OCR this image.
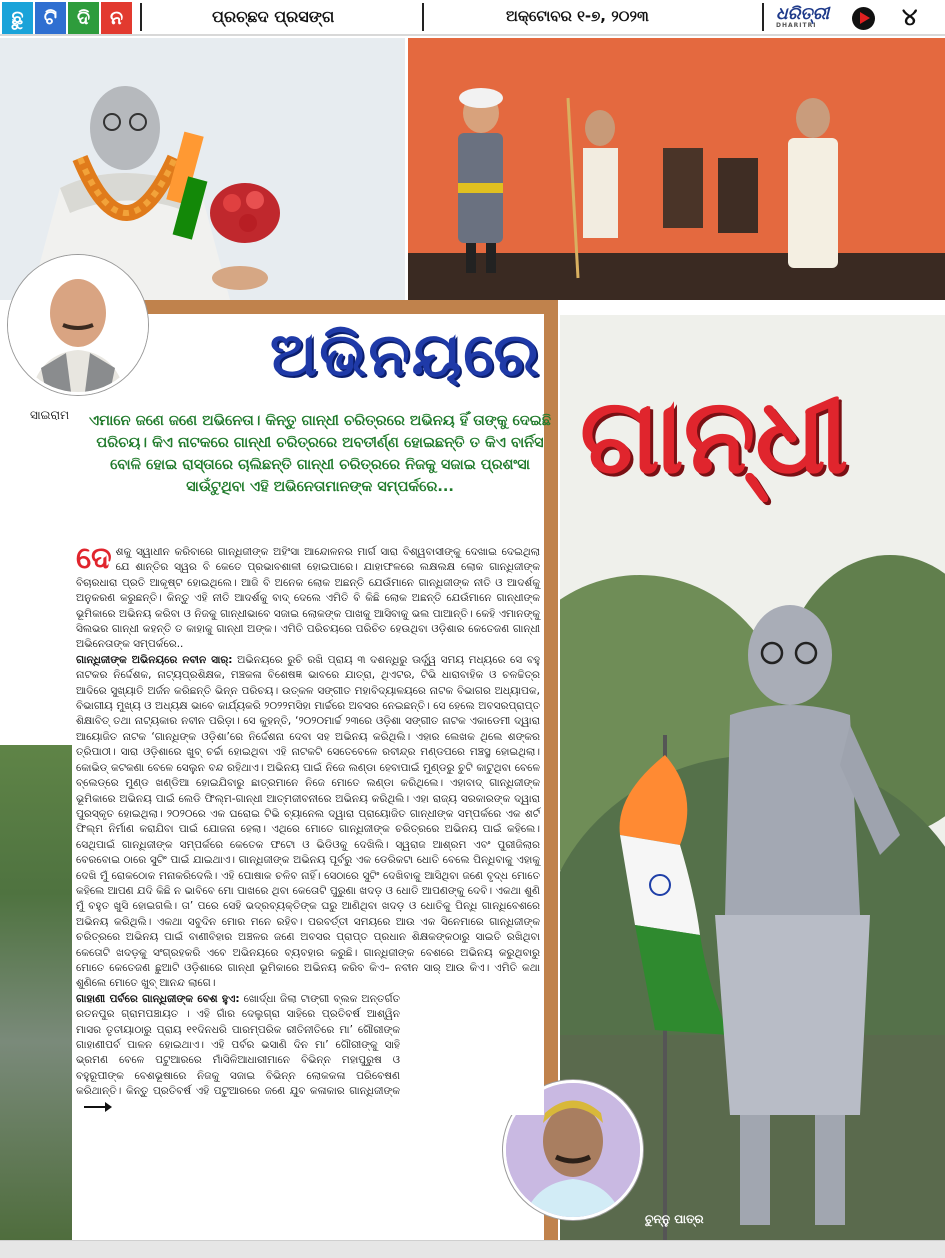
ଛୁ	ଟି	ଦି	ନ	ପ୍ରଚ୍ଛଦ ପ୍ରସଙ୍ଗ	ଅକ୍ଟୋବର ୧-୭, ୨୦୨୩	ଧରିତ୍ରୀ
DHARITRI	୪
ସାଇରାମ
ଚୁନ୍ନୁ ପାତ୍ର
ଅଭିନୟରେ
ଗାନ୍ଧୀ
ଏମାନେ ଜଣେ ଜଣେ ଅଭିନେତା। କିନ୍ତୁ ଗାନ୍ଧୀ ଚରିତ୍ରରେ ଅଭିନୟ ହିଁ ତାଙ୍କୁ ଦେଇଛି ପରିଚୟ। କିଏ ନାଟକରେ ଗାନ୍ଧୀ ଚରିତ୍ରରେ ଅବତୀର୍ଣ୍ଣ ହୋଇଛନ୍ତି ତ କିଏ ବାର୍ନିସ ବୋଳି ହୋଇ ରାସ୍ତାରେ ଚାଲିଛନ୍ତି ଗାନ୍ଧୀ ଚରିତ୍ରରେ ନିଜକୁ ସଜାଇ ପ୍ରଶଂସା ସାଉଁଟୁଥିବା ଏହି ଅଭିନେତାମାନଙ୍କ ସମ୍ପର୍କରେ...

ଦେ ଶକୁ ସ୍ୱାଧୀନ କରିବାରେ ଗାନ୍ଧିଜୀଙ୍କ ଅହିଂସା ଆନ୍ଦୋଳନର ମାର୍ଗ ସାରା ବିଶ୍ୱବାସୀଙ୍କୁ ଦେଖାଇ ଦେଇଥିଲା ଯେ ଶାନ୍ତିର ସ୍ୱର ବି କେତେ ପ୍ରଭାବଶାଳୀ ହୋଇପାରେ। ଯାହାଫଳରେ ଲକ୍ଷଲକ୍ଷ ଲୋକ ଗାନ୍ଧିଜୀଙ୍କ ବିଚାରଧାରା ପ୍ରତି ଆକୃଷ୍ଟ ହୋଇଥିଲେ। ଆଜି ବି ଅନେକ ଲୋକ ଅଛନ୍ତି ଯେଉଁମାନେ ଗାନ୍ଧିଜୀଙ୍କ ନୀତି ଓ ଆଦର୍ଶକୁ ଅନୁକରଣ କରୁଛନ୍ତି। କିନ୍ତୁ ଏହି ନୀତି ଆଦର୍ଶକୁ ବାଦ୍ ଦେଲେ ଏମିତି ବି କିଛି ଲୋକ ଅଛନ୍ତି ଯେଉଁମାନେ ଗାନ୍ଧୀଙ୍କ ଭୂମିକାରେ ଅଭିନୟ କରିବା ଓ ନିଜକୁ ଗାନ୍ଧୀଭାବେ ସଜାଇ ଲୋକଙ୍କ ପାଖକୁ ଆସିବାକୁ ଭଲ ପାଆନ୍ତି। କେହି ଏମାନଙ୍କୁ ସିଲଭର ଗାନ୍ଧୀ କହନ୍ତି ତ କାହାକୁ ଗାନ୍ଧୀ ଅଙ୍କ। ଏମିତି ପରିଚୟରେ ପରିଚିତ ହେଉଥିବା ଓଡ଼ିଶାର କେତେଜଣ ଗାନ୍ଧୀ ଅଭିନେତାଙ୍କ ସମ୍ପର୍କରେ..

ଗାନ୍ଧିଜୀଙ୍କ ଅଭିନୟରେ ନବୀନ ସାର୍: ଅଭିନୟରେ ରୁଚି ରଖି ପ୍ରାୟ ୩ ଦଶନ୍ଧିରୁ ଊର୍ଦ୍ଧ୍ୱ ସମୟ ମଧ୍ୟରେ ସେ ବହୁ ନାଟକର ନିର୍ଦ୍ଦେଶକ, ନାଟ୍ୟପ୍ରଶିକ୍ଷକ, ମଞ୍ଚକଳା ବିଶେଷଜ୍ଞ ଭାବରେ ଯାତ୍ରା, ଥିଏଟର, ଟିଭି ଧାରାବାହିକ ଓ ଚଳଚ୍ଚିତ୍ର ଆଦିରେ ସୁଖ୍ୟାତି ଅର୍ଜନ କରିଛନ୍ତି ଭିନ୍ନ ପରିଚୟ। ଉତ୍କଳ ସଙ୍ଗୀତ ମହାବିଦ୍ୟାଳୟରେ ନାଟକ ବିଭାଗର ଅଧ୍ୟାପକ, ବିଭାଗୀୟ ମୁଖ୍ୟ ଓ ଅଧ୍ୟକ୍ଷ ଭାବେ କାର୍ଯ୍ୟକରି ୨୦୨୨ମସିହା ମାର୍ଚ୍ଚରେ ଅବସର ନେଇଛନ୍ତି। ସେ ହେଲେ ଅବସରପ୍ରାପ୍ତ ଶିକ୍ଷାବିତ୍ ତଥା ନାଟ୍ୟକାର ନବୀନ ପରିଡ଼ା। ସେ କୁହନ୍ତି, ‘୨୦୨୦ମାର୍ଚ୍ଚ ୨୩ରେ ଓଡ଼ିଶା ସଙ୍ଗୀତ ନାଟକ ଏକାଡେମୀ ଦ୍ୱାରା ଆୟୋଜିତ ନାଟକ ‘ଗାନ୍ଧିଙ୍କ ଓଡ଼ିଶା’ରେ ନିର୍ଦ୍ଦେଶନା ଦେବା ସହ ଅଭିନୟ କରିଥିଲି। ଏହାର ଲେଖକ ଥିଲେ ଶଙ୍କର ତ୍ରିପାଠୀ। ସାରା ଓଡ଼ିଶାରେ ଖୁବ୍ ଚର୍ଚ୍ଚା ହୋଇଥିବା ଏହି ନାଟକଟି ସେତେବେଳେ ରବୀନ୍ଦ୍ର ମଣ୍ଡପରେ ମଞ୍ଚସ୍ଥ ହୋଇଥିଲା। କୋଭିଡ୍ କଟକଣା ବେଳେ ସେଲୁନ ବନ୍ଦ ରହିଥାଏ। ଅଭିନୟ ପାଇଁ ନିଜେ ଲଣ୍ଡା ହେବାପାଇଁ ମୁଣ୍ଡରୁ ଚୁଟି କାଟୁଥିବା ବେଳେ ବ୍ଲେଡ୍‌ରେ ମୁଣ୍ଡ ଖଣ୍ଡିଆ ହୋଇଯିବାରୁ ଛାତ୍ରମାନେ ନିଜେ ମୋତେ ଲଣ୍ଡା କରିଥିଲେ। ଏହାବାଦ୍ ଗାନ୍ଧିଜୀଙ୍କ ଭୂମିକାରେ ଅଭିନୟ ପାଇଁ ଲେଡି ଫିଲ୍ମ-ଗାନ୍ଧୀ ଆତ୍ମଜୀବନୀରେ ଅଭିନୟ କରିଥିଲି। ଏହା ରାଜ୍ୟ ସରକାରଙ୍କ ଦ୍ୱାରା ପୁରସ୍କୃତ ହୋଇଥିଲା। ୨୦୨୦ରେ ଏକ ଘରୋଇ ଟିଭି ଚ୍ୟାନେଲ ଦ୍ୱାରା ପ୍ରାୟୋଜିତ ଗାନ୍ଧୀଙ୍କ ସମ୍ପର୍କରେ ଏକ ଶର୍ଟ ଫିଲ୍ମ ନିର୍ମାଣ କରାଯିବା ପାଇଁ ଯୋଜନା ହେଲା। ଏଥିରେ ମୋତେ ଗାନ୍ଧିଜୀଙ୍କ ଚରିତ୍ରରେ ଅଭିନୟ ପାଇଁ କହିଲେ। ସେଥିପାଇଁ ଗାନ୍ଧିଜୀଙ୍କ ସମ୍ପର୍କରେ କେତେକ ଫଟୋ ଓ ଭିଡିଓକୁ ଦେଖିଲି। ସ୍ୱରାଜ ଆଶ୍ରମ ଏବଂ ପୁରୀଜିଲାର ବେରବୋଇ ଠାରେ ସୁଟିଂ ପାଇଁ ଯାଇଥାଏ। ଗାନ୍ଧିଜୀଙ୍କ ଅଭିନୟ ପୂର୍ବରୁ ଏକ ଡେରିକଟା ଧୋତି ବେଲେ ପିନ୍ଧିବାକୁ ଏହାକୁ ଦେଖି ମୁଁ ରୋକଠୋକ ମନାକରିଦେଲି। ଏହି ପୋଷାକ ଚଳିବ ନାହିଁ। ସେଠାରେ ସୁଟିଂ ଦେଖିବାକୁ ଆସିଥିବା ଜଣେ ବୃଦ୍ଧ ମୋତେ କହିଲେ ଆପଣ ଯଦି କିଛି ନ ଭାବିବେ ମୋ ପାଖରେ ଥିବା କେତୋଟି ପୁରୁଣା ଖଦଡ଼ ଓ ଧୋତି ଆପଣଙ୍କୁ ଦେବି। ଏକଥା ଶୁଣି ମୁଁ ବହୁତ ଖୁସି ହୋଇଗଲି। ତା’ ପରେ ସେହି ଭଦ୍ରବ୍ୟକ୍ତିଙ୍କ ଘରୁ ଆଣିଥିବା ଖଦଡ଼ ଓ ଧୋତିକୁ ପିନ୍ଧି ଗାନ୍ଧିବେଶରେ ଅଭିନୟ କରିଥିଲି। ଏକଥା ସବୁଦିନ ମୋର ମନେ ରହିବ। ପରବର୍ତ୍ତୀ ସମୟରେ ଆଉ ଏକ ସିନେମାରେ ଗାନ୍ଧିଜୀଙ୍କ ଚରିତ୍ରରେ ଅଭିନୟ ପାଇଁ ବାଣୀବିହାର ଅଞ୍ଚଳର ଜଣେ ଅବସର ପ୍ରାପ୍ତ ପ୍ରଧାନ ଶିକ୍ଷକଙ୍କଠାରୁ ସାଇତି ରଖିଥିବା କେତୋଟି ଖଦଡ଼କୁ ସଂଗ୍ରହକରି ଏବେ ଅଭିନୟରେ ବ୍ୟବହାର କରୁଛି। ଗାନ୍ଧିଜୀଙ୍କ ବେଶରେ ଅଭିନୟ କରୁଥିବାରୁ ମୋତେ କେତେଜଣ ଛୁଆଟି ଓଡ଼ିଶାରେ ଗାନ୍ଧୀ ଭୂମିକାରେ ଅଭିନୟ କରିବ କିଏ– ନବୀନ ସାର୍ ଆଉ କିଏ। ଏମିତି କଥା ଶୁଣିଲେ ମୋତେ ଖୁବ୍ ଆନନ୍ଦ ଲାଗେ।

ଗାହାଣୀ ପର୍ବରେ ଗାନ୍ଧିଜୀଙ୍କ ବେଶ ହୁଏ: ଖୋର୍ଦ୍ଧା ଜିଲା ଟାଙ୍ଗୀ ବ୍ଲକ ଅନ୍ତର୍ଗତ ରତନପୁର ଗ୍ରାମପଞ୍ଚାୟତ । ଏହି ଗାଁର ଦେଲୁଗ୍ରା ସାହିରେ ପ୍ରତିବର୍ଷ ଆଶ୍ୱିନ ମାସର ତୃତୀୟାଠାରୁ ପ୍ରାୟ ୧୧ଦିନଧରି ପାରମ୍ପରିକ ରୀତିନୀତିରେ ମା’ ଗୌରୀଙ୍କ ଗାହାଣୀପର୍ବ ପାଳନ ହୋଇଥାଏ। ଏହି ପର୍ବର ଭସାଣି ଦିନ ମା’ ଗୌରୀଙ୍କୁ ସାହି ଭ୍ରମଣ ବେଳେ ପଟୁଆରରେ ମାଁସିଳିଆଧାରୀମାନେ ବିଭିନ୍ନ ମହାପୁରୁଷ ଓ ବହୁରୂପୀଙ୍କ ବେଶଭୂଷାରେ ନିଜକୁ ସଜାଇ ବିଭିନ୍ନ ଲୋକକଳା ପରିବେଷଣ କରିଥାନ୍ତି। କିନ୍ତୁ ପ୍ରତିବର୍ଷ ଏହି ପଟୁଆରରେ ଜଣେ ଯୁବ କଳାକାର ଗାନ୍ଧିଜୀଙ୍କ
